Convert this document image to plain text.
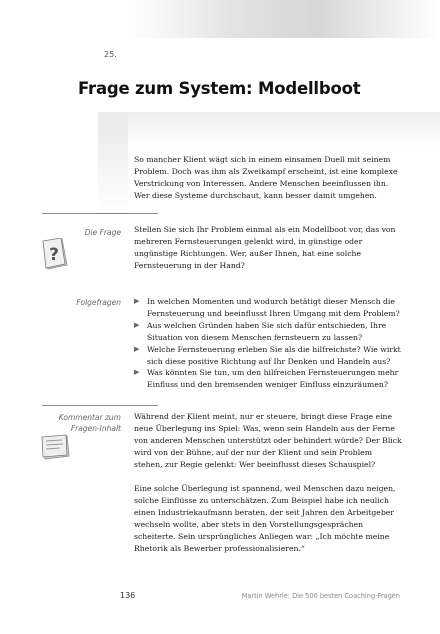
25.
Frage zum System: Modellboot

So mancher Klient wägt sich in einem einsamen Duell mit seinem Problem. Doch was ihm als Zweikampf erscheint, ist eine komplexe Verstrickung von Interessen. Andere Menschen beeinflussen ihn. Wer diese Systeme durchschaut, kann besser damit umgehen.

Die Frage
?

Stellen Sie sich Ihr Problem einmal als ein Modellboot vor, das von mehreren Fernsteuerungen gelenkt wird, in günstige oder ungünstige Richtungen. Wer, außer Ihnen, hat eine solche Fernsteuerung in der Hand?

Folgefragen ▶ In welchen Momenten und wodurch betätigt dieser Mensch die Fernsteuerung und beeinflusst Ihren Umgang mit dem Problem?
▶ Aus welchen Gründen haben Sie sich dafür entschieden, Ihre Situation von diesem Menschen fernsteuern zu lassen?
▶ Welche Fernsteuerung erleben Sie als die hilfreichste? Wie wirkt sich diese positive Richtung auf Ihr Denken und Handeln aus?
▶ Was könnten Sie tun, um den hilfreichen Fernsteuerungen mehr Einfluss und den bremsenden weniger Einfluss einzuräumen?
Kommentar zum
Fragen-Inhalt

Während der Klient meint, nur er steuere, bringt diese Frage eine neue Überlegung ins Spiel: Was, wenn sein Handeln aus der Ferne von anderen Menschen unterstützt oder behindert würde? Der Blick wird von der Bühne, auf der nur der Klient und sein Problem stehen, zur Regie gelenkt: Wer beeinflusst dieses Schauspiel?

Eine solche Überlegung ist spannend, weil Menschen dazu neigen, solche Einflüsse zu unterschätzen. Zum Beispiel habe ich neulich einen Industriekaufmann beraten, der seit Jahren den Arbeitgeber wechseln wollte, aber stets in den Vorstellungsgesprächen scheiterte. Sein ursprüngliches Anliegen war: „Ich möchte meine Rhetorik als Bewerber professionalisieren.“

136	Martin Wehrle: Die 500 besten Coaching-Fragen
